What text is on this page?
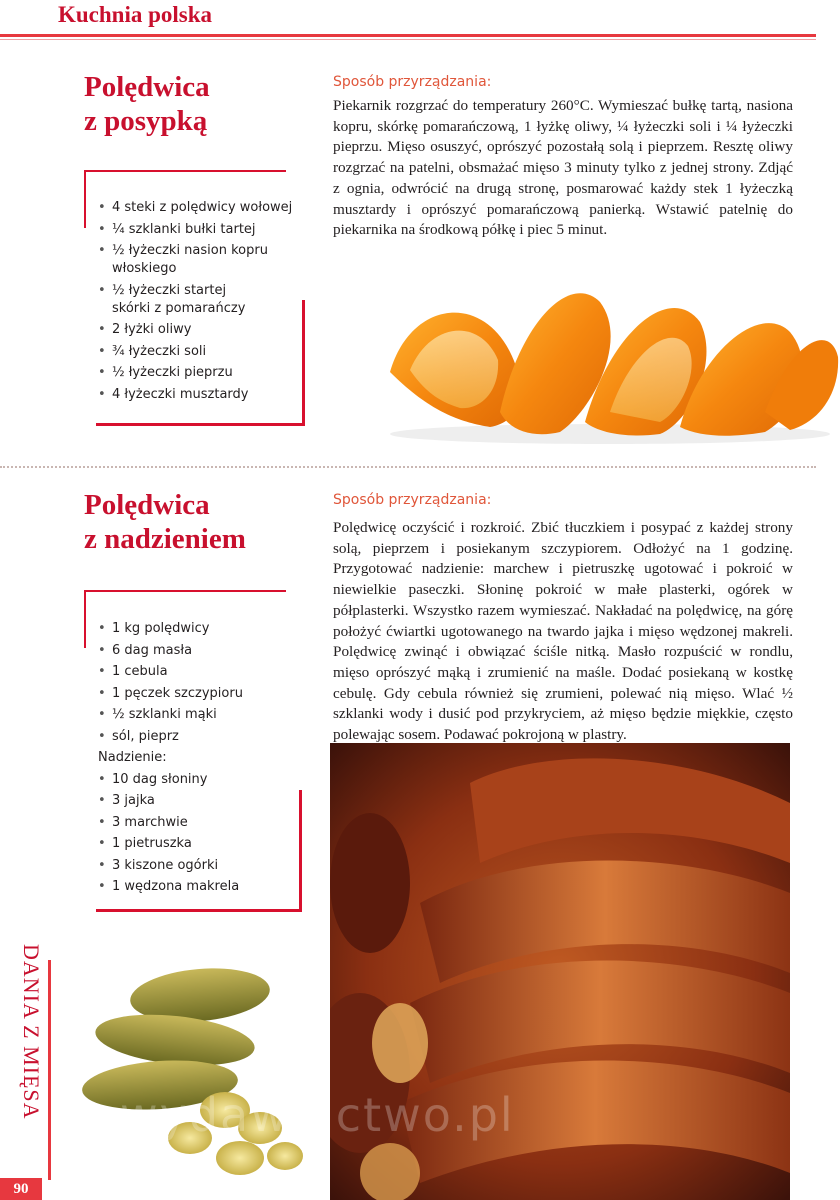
Kuchnia polska
Polędwica
z posypką
Sposób przyrządzania:

Piekarnik rozgrzać do temperatury 260°C. Wymieszać bułkę tartą, nasiona kopru, skórkę pomarańczową, 1 łyżkę oliwy, ¼ łyżeczki soli i ¼ łyżeczki pieprzu. Mięso osuszyć, oprószyć pozostałą solą i pieprzem. Resztę oliwy rozgrzać na patelni, obsmażać mięso 3 minuty tylko z jednej strony. Zdjąć z ognia, odwrócić na drugą stronę, posmarować każdy stek 1 łyżeczką musztardy i oprószyć pomarańczową panierką. Wstawić patelnię do piekarnika na środkową półkę i piec 5 minut.

• 4 steki z polędwicy wołowej
• ¼ szklanki bułki tartej
• ½ łyżeczki nasion kopru włoskiego
• ½ łyżeczki startej skórki z pomarańczy
• 2 łyżki oliwy
• ¾ łyżeczki soli
• ½ łyżeczki pieprzu
• 4 łyżeczki musztardy
Polędwica
z nadzieniem
Sposób przyrządzania:

Polędwicę oczyścić i rozkroić. Zbić tłuczkiem i posypać z każdej strony solą, pieprzem i posiekanym szczypiorem. Odłożyć na 1 godzinę. Przygotować nadzienie: marchew i pietruszkę ugotować i pokroić w niewielkie paseczki. Słoninę pokroić w małe plasterki, ogórek w półplasterki. Wszystko razem wymieszać. Nakładać na polędwicę, na górę położyć ćwiartki ugotowanego na twardo jajka i mięso wędzonej makreli. Polędwicę zwinąć i obwiązać ściśle nitką. Masło rozpuścić w rondlu, mięso oprószyć mąką i zrumienić na maśle. Dodać posiekaną w kostkę cebulę. Gdy cebula również się zrumieni, polewać nią mięso. Wlać ½ szklanki wody i dusić pod przykryciem, aż mięso będzie miękkie, często polewając sosem. Podawać pokrojoną w plastry.

• 1 kg polędwicy
• 6 dag masła
• 1 cebula
• 1 pęczek szczypioru
• ½ szklanki mąki
• sól, pieprz
Nadzienie:
• 10 dag słoniny
• 3 jajka
• 3 marchwie
• 1 pietruszka
• 3 kiszone ogórki
• 1 wędzona makrela
wydawnictwo.pl
DANIA Z MIĘSA
90
